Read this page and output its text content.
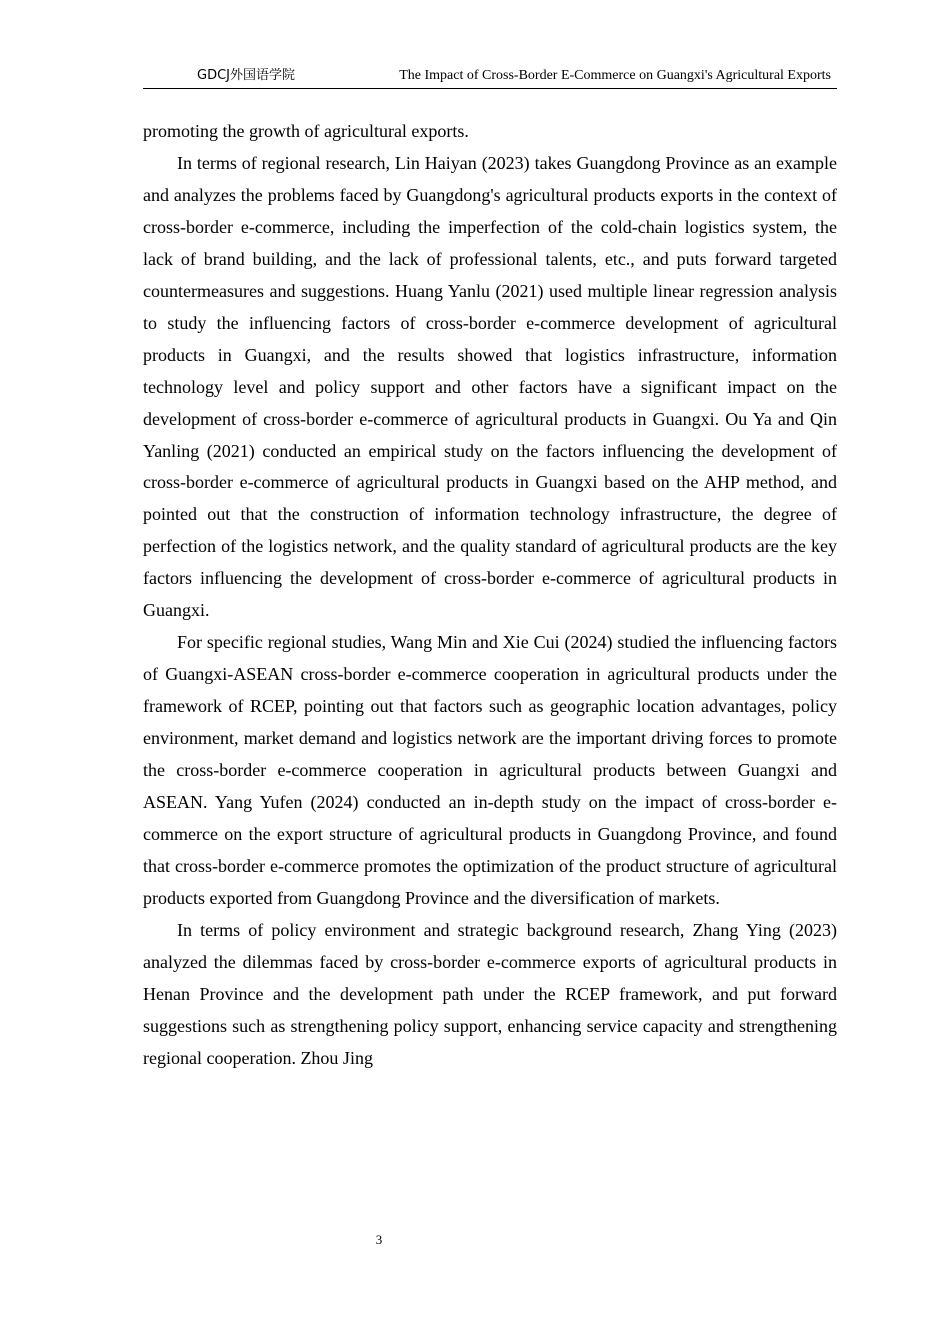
GDCJ外国语学院	The Impact of Cross-Border E-Commerce on Guangxi's Agricultural Exports

promoting the growth of agricultural exports.

In terms of regional research, Lin Haiyan (2023) takes Guangdong Province as an example and analyzes the problems faced by Guangdong's agricultural products exports in the context of cross-border e-commerce, including the imperfection of the cold-chain logistics system, the lack of brand building, and the lack of professional talents, etc., and puts forward targeted countermeasures and suggestions. Huang Yanlu (2021) used multiple linear regression analysis to study the influencing factors of cross-border e-commerce development of agricultural products in Guangxi, and the results showed that logistics infrastructure, information technology level and policy support and other factors have a significant impact on the development of cross-border e-commerce of agricultural products in Guangxi. Ou Ya and Qin Yanling (2021) conducted an empirical study on the factors influencing the development of cross-border e-commerce of agricultural products in Guangxi based on the AHP method, and pointed out that the construction of information technology infrastructure, the degree of perfection of the logistics network, and the quality standard of agricultural products are the key factors influencing the development of cross-border e-commerce of agricultural products in Guangxi.

For specific regional studies, Wang Min and Xie Cui (2024) studied the influencing factors of Guangxi-ASEAN cross-border e-commerce cooperation in agricultural products under the framework of RCEP, pointing out that factors such as geographic location advantages, policy environment, market demand and logistics network are the important driving forces to promote the cross-border e-commerce cooperation in agricultural products between Guangxi and ASEAN. Yang Yufen (2024) conducted an in-depth study on the impact of cross-border e-commerce on the export structure of agricultural products in Guangdong Province, and found that cross-border e-commerce promotes the optimization of the product structure of agricultural products exported from Guangdong Province and the diversification of markets.

In terms of policy environment and strategic background research, Zhang Ying (2023) analyzed the dilemmas faced by cross-border e-commerce exports of agricultural products in Henan Province and the development path under the RCEP framework, and put forward suggestions such as strengthening policy support, enhancing service capacity and strengthening regional cooperation. Zhou Jing

3
